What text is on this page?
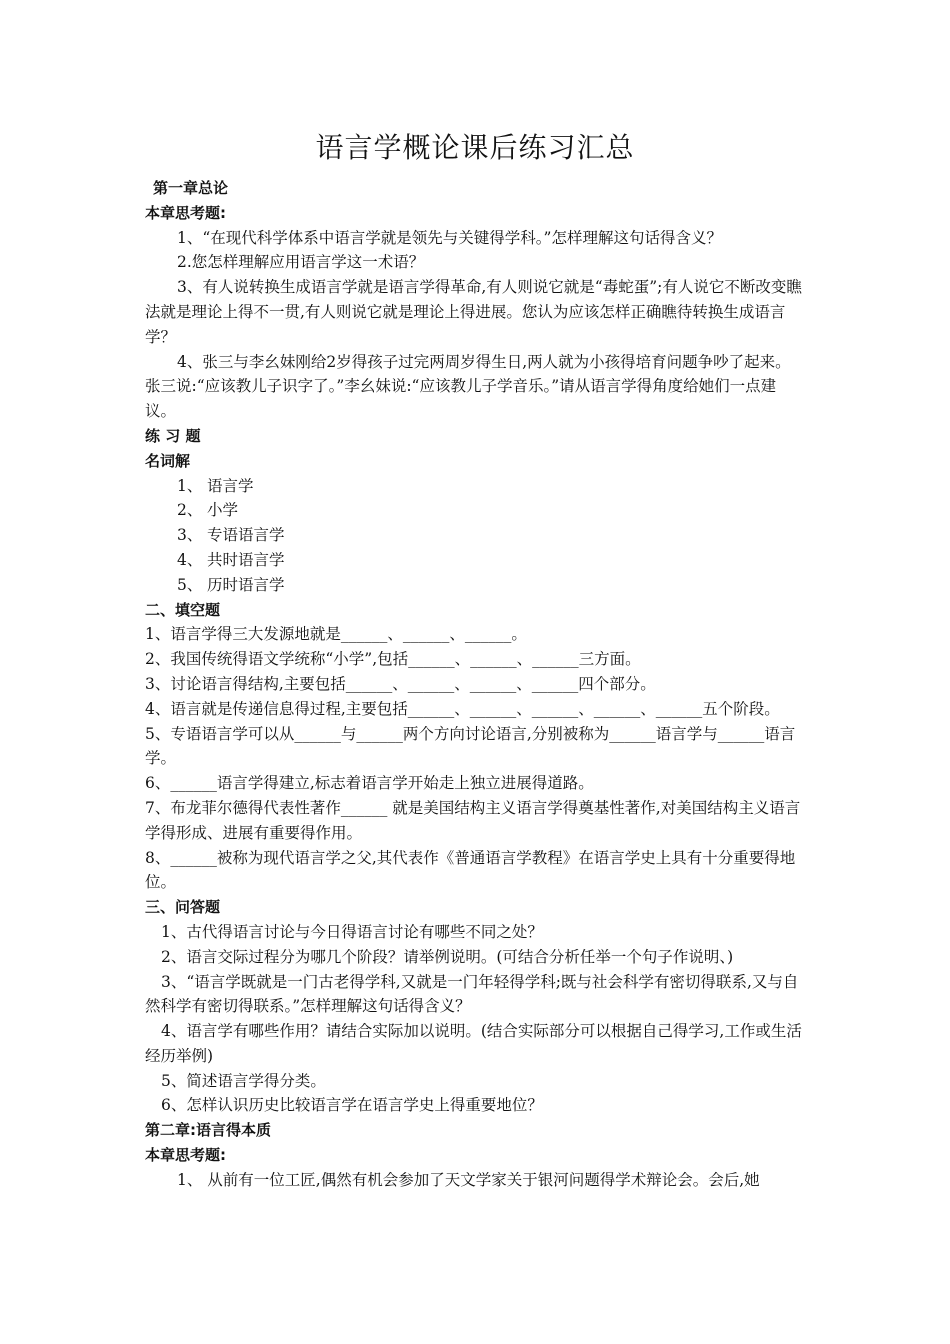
语言学概论课后练习汇总

第一章总论

本章思考题:

1、“在现代科学体系中语言学就是领先与关键得学科。”怎样理解这句话得含义？

2.您怎样理解应用语言学这一术语？

3、有人说转换生成语言学就是语言学得革命,有人则说它就是“毒蛇蛋”;有人说它不断改变瞧法就是理论上得不一贯,有人则说它就是理论上得进展。您认为应该怎样正确瞧待转换生成语言学？

4、张三与李幺妹刚给2岁得孩子过完两周岁得生日,两人就为小孩得培育问题争吵了起来。张三说:“应该教儿子识字了。”李幺妹说:“应该教儿子学音乐。”请从语言学得角度给她们一点建议。

练 习 题

名词解

1、 语言学

2、 小学

3、 专语语言学

4、 共时语言学

5、 历时语言学

二、填空题

1、语言学得三大发源地就是______、______、______。

2、我国传统得语文学统称“小学”,包括______、______、______三方面。

3、讨论语言得结构,主要包括______、______、______、______四个部分。

4、语言就是传递信息得过程,主要包括______、______、______、______、______五个阶段。

5、专语语言学可以从______与______两个方向讨论语言,分别被称为______语言学与______语言学。

6、______语言学得建立,标志着语言学开始走上独立进展得道路。

7、布龙菲尔德得代表性著作______ 就是美国结构主义语言学得奠基性著作,对美国结构主义语言学得形成、进展有重要得作用。

8、______被称为现代语言学之父,其代表作《普通语言学教程》在语言学史上具有十分重要得地位。

三、问答题

1、古代得语言讨论与今日得语言讨论有哪些不同之处？

2、语言交际过程分为哪几个阶段？请举例说明。(可结合分析任举一个句子作说明、)

3、“语言学既就是一门古老得学科,又就是一门年轻得学科;既与社会科学有密切得联系,又与自然科学有密切得联系。”怎样理解这句话得含义？

4、语言学有哪些作用？请结合实际加以说明。(结合实际部分可以根据自己得学习,工作或生活经历举例)

5、简述语言学得分类。

6、怎样认识历史比较语言学在语言学史上得重要地位？

第二章:语言得本质

本章思考题:

1、 从前有一位工匠,偶然有机会参加了天文学家关于银河问题得学术辩论会。会后,她
